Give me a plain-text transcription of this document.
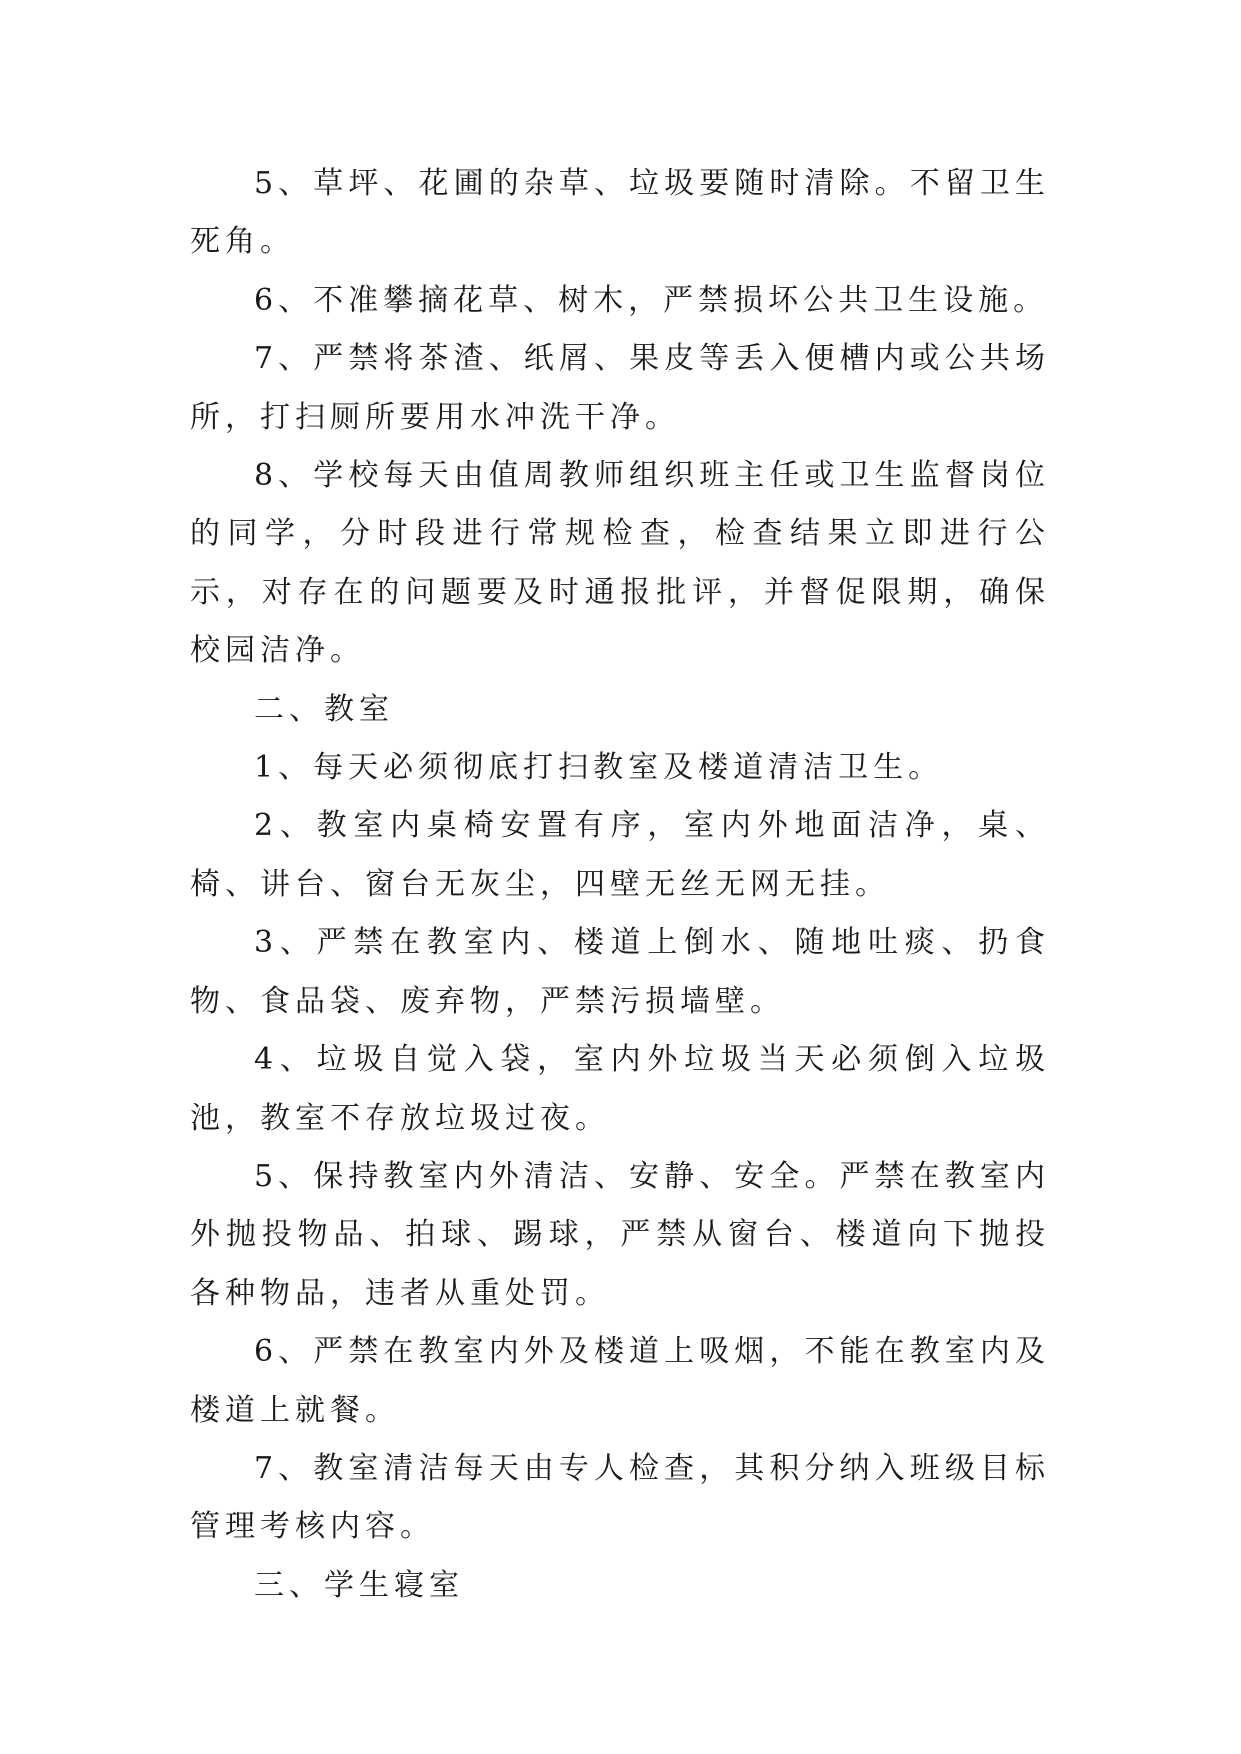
5、草坪、花圃的杂草、垃圾要随时清除。不留卫生死角。

6、不准攀摘花草、树木，严禁损坏公共卫生设施。

7、严禁将茶渣、纸屑、果皮等丢入便槽内或公共场所，打扫厕所要用水冲洗干净。

8、学校每天由值周教师组织班主任或卫生监督岗位的同学，分时段进行常规检查，检查结果立即进行公示，对存在的问题要及时通报批评，并督促限期，确保校园洁净。

二、教室

1、每天必须彻底打扫教室及楼道清洁卫生。

2、教室内桌椅安置有序，室内外地面洁净，桌、椅、讲台、窗台无灰尘，四壁无丝无网无挂。

3、严禁在教室内、楼道上倒水、随地吐痰、扔食物、食品袋、废弃物，严禁污损墙壁。

4、垃圾自觉入袋，室内外垃圾当天必须倒入垃圾池，教室不存放垃圾过夜。

5、保持教室内外清洁、安静、安全。严禁在教室内外抛投物品、拍球、踢球，严禁从窗台、楼道向下抛投各种物品，违者从重处罚。

6、严禁在教室内外及楼道上吸烟，不能在教室内及楼道上就餐。

7、教室清洁每天由专人检查，其积分纳入班级目标管理考核内容。

三、学生寝室
